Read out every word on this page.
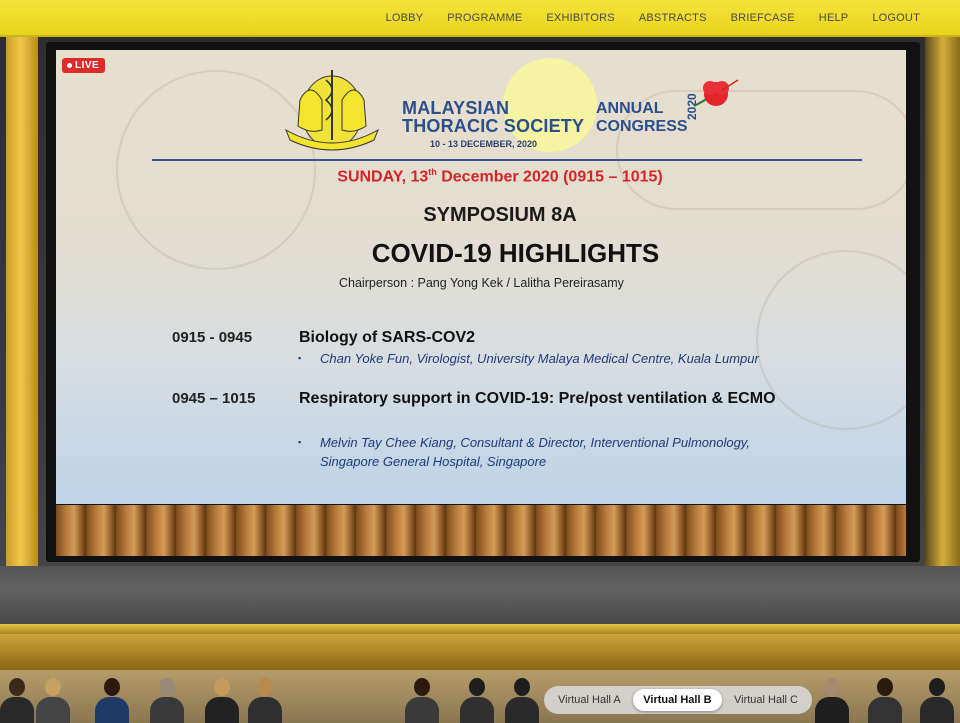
LOBBY	PROGRAMME	EXHIBITORS	ABSTRACTS	BRIEFCASE	HELP	LOGOUT
LIVE
MALAYSIAN
THORACIC SOCIETY
10 - 13 DECEMBER, 2020
ANNUAL
CONGRESS
2020
SUNDAY, 13th December 2020 (0915 – 1015)
SYMPOSIUM 8A
COVID-19 HIGHLIGHTS
Chairperson : Pang Yong Kek / Lalitha Pereirasamy
0915 - 0945	Biology of SARS-COV2
▪ Chan Yoke Fun, Virologist, University Malaya Medical Centre, Kuala Lumpur
0945 – 1015	Respiratory support in COVID-19: Pre/post ventilation & ECMO
▪ Melvin Tay Chee Kiang, Consultant & Director, Interventional Pulmonology,
Singapore General Hospital, Singapore
Virtual Hall A	Virtual Hall B	Virtual Hall C
